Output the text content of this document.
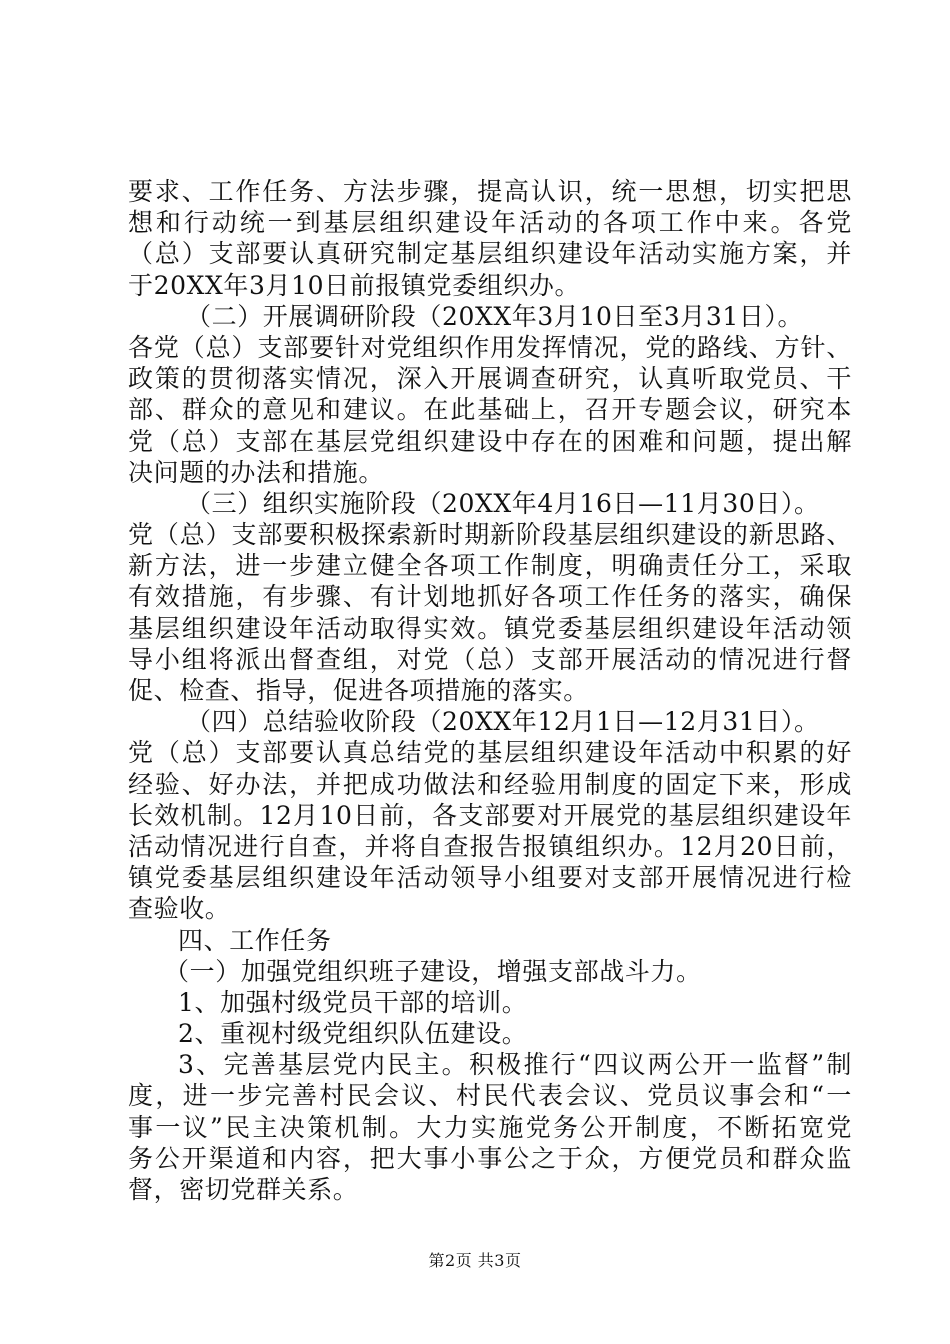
要求、工作任务、方法步骤，提高认识，统一思想，切实把思
想和行动统一到基层组织建设年活动的各项工作中来。各党
（总）支部要认真研究制定基层组织建设年活动实施方案，并
于20XX年3月10日前报镇党委组织办。
（二）开展调研阶段（20XX年3月10日至3月31日）。
各党（总）支部要针对党组织作用发挥情况，党的路线、方针、
政策的贯彻落实情况，深入开展调查研究，认真听取党员、干
部、群众的意见和建议。在此基础上，召开专题会议，研究本
党（总）支部在基层党组织建设中存在的困难和问题，提出解
决问题的办法和措施。
（三）组织实施阶段（20XX年4月16日—11月30日）。
党（总）支部要积极探索新时期新阶段基层组织建设的新思路、
新方法，进一步建立健全各项工作制度，明确责任分工，采取
有效措施，有步骤、有计划地抓好各项工作任务的落实，确保
基层组织建设年活动取得实效。镇党委基层组织建设年活动领
导小组将派出督查组，对党（总）支部开展活动的情况进行督
促、检查、指导，促进各项措施的落实。
（四）总结验收阶段（20XX年12月1日—12月31日）。
党（总）支部要认真总结党的基层组织建设年活动中积累的好
经验、好办法，并把成功做法和经验用制度的固定下来，形成
长效机制。12月10日前，各支部要对开展党的基层组织建设年
活动情况进行自查，并将自查报告报镇组织办。12月20日前，
镇党委基层组织建设年活动领导小组要对支部开展情况进行检
查验收。
四、工作任务
（一）加强党组织班子建设，增强支部战斗力。
1、加强村级党员干部的培训。
2、重视村级党组织队伍建设。
3、完善基层党内民主。积极推行“四议两公开一监督”制
度，进一步完善村民会议、村民代表会议、党员议事会和“一
事一议”民主决策机制。大力实施党务公开制度，不断拓宽党
务公开渠道和内容，把大事小事公之于众，方便党员和群众监
督，密切党群关系。
第2页 共3页
